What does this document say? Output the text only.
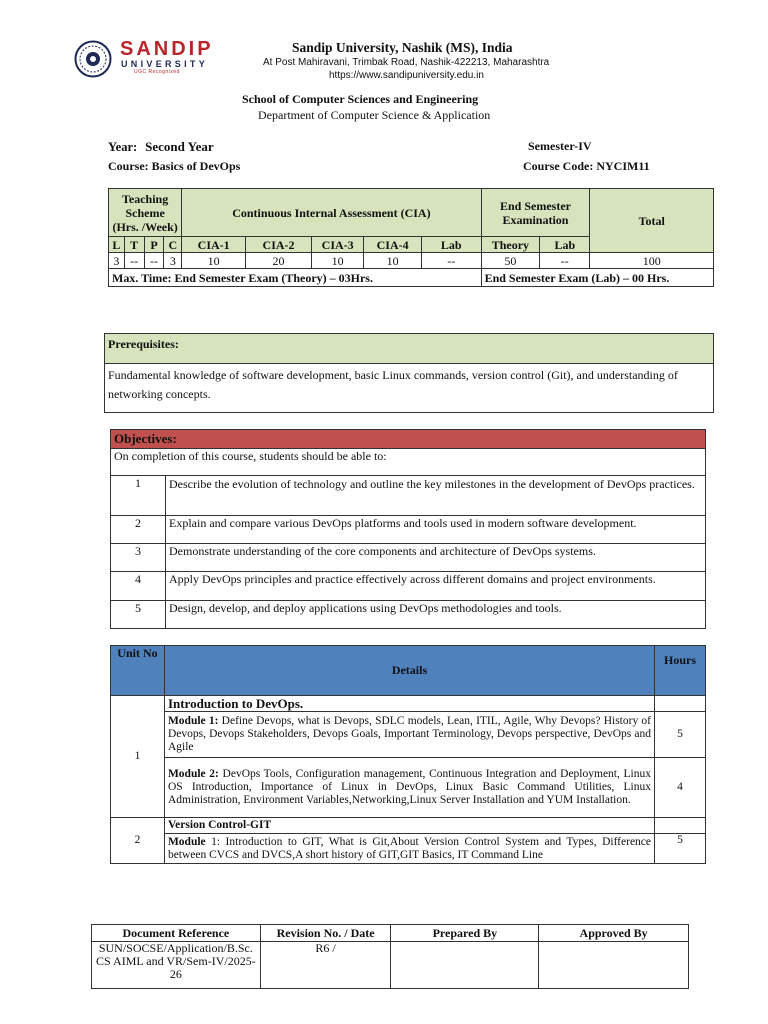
SANDIP
UNIVERSITY
UGC Recognized
Sandip University, Nashik (MS), India
At Post Mahiravani, Trimbak Road, Nashik-422213, Maharashtra
https://www.sandipuniversity.edu.in
School of Computer Sciences and Engineering
Department of Computer Science & Application
Year: Second Year
Course: Basics of DevOps
Semester-IV
Course Code: NYCIM11
Teaching Scheme (Hrs. /Week)				Continuous Internal Assessment (CIA)					End Semester Examination		Total
L	T	P	C	CIA-1	CIA-2	CIA-3	CIA-4	Lab	Theory	Lab	
3	--	--	3	10	20	10	10	--	50	--	100
Max. Time: End Semester Exam (Theory) – 03Hrs.									End Semester Exam (Lab) – 00 Hrs.		
Prerequisites:
Fundamental knowledge of software development, basic Linux commands, version control (Git), and understanding of networking concepts.
Objectives:
On completion of this course, students should be able to:
1	Describe the evolution of technology and outline the key milestones in the development of DevOps practices.
2	Explain and compare various DevOps platforms and tools used in modern software development.
3	Demonstrate understanding of the core components and architecture of DevOps systems.
4	Apply DevOps principles and practice effectively across different domains and project environments.
5	Design, develop, and deploy applications using DevOps methodologies and tools.
Unit No	Details	Hours
1	Introduction to DevOps.	
	Module 1: Define Devops, what is Devops, SDLC models, Lean, ITIL, Agile, Why Devops? History of Devops, Devops Stakeholders, Devops Goals, Important Terminology, Devops perspective, DevOps and Agile	5
	Module 2: DevOps Tools, Configuration management, Continuous Integration and Deployment, Linux OS Introduction, Importance of Linux in DevOps, Linux Basic Command Utilities, Linux Administration, Environment Variables,Networking,Linux Server Installation and YUM Installation.	4
2	Version Control-GIT	
	Module 1: Introduction to GIT, What is Git,About Version Control System and Types, Difference between CVCS and DVCS,A short history of GIT,GIT Basics, IT Command Line	5
Document Reference	Revision No. / Date	Prepared By	Approved By
SUN/SOCSE/Application/B.Sc. CS AIML and VR/Sem-IV/2025-26	R6 /		
